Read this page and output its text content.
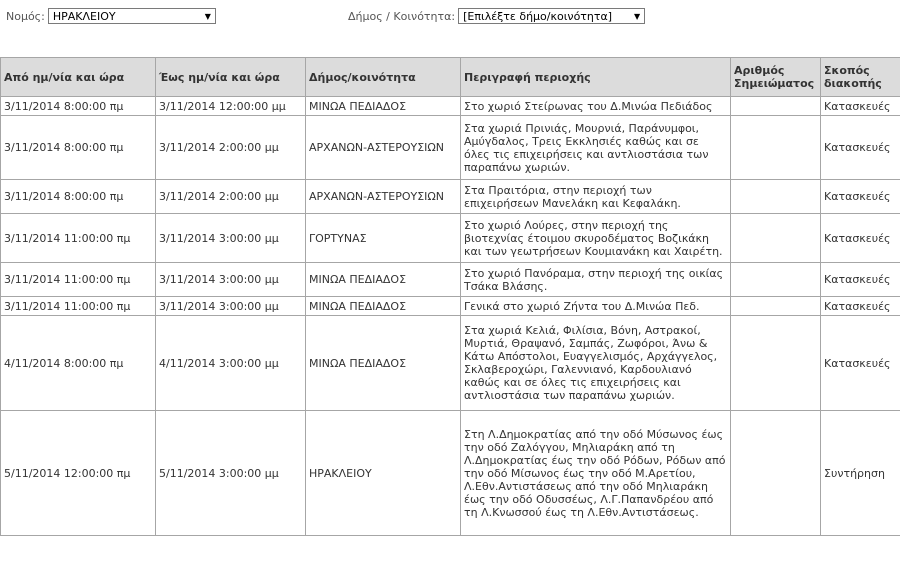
Νομός: ΗΡΑΚΛΕΙΟΥ	▼	Δήμος / Κοινότητα: [Επιλέξτε δήμο/κοινότητα]	▼
Από ημ/νία και ώρα	Έως ημ/νία και ώρα	Δήμος/κοινότητα	Περιγραφή περιοχής	Αριθμός Σημειώματος	Σκοπός διακοπής
3/11/2014 8:00:00 πμ	3/11/2014 12:00:00 μμ	ΜΙΝΩΑ ΠΕΔΙΑΔΟΣ	Στο χωριό Στείρωνας του Δ.Μινώα Πεδιάδος		Κατασκευές
3/11/2014 8:00:00 πμ	3/11/2014 2:00:00 μμ	ΑΡΧΑΝΩΝ-ΑΣΤΕΡΟΥΣΙΩΝ	Στα χωριά Πρινιάς, Μουρνιά, Παράνυμφοι, Αμύγδαλος, Τρεις Εκκλησιές καθώς και σε όλες τις επιχειρήσεις και αντλιοστάσια των παραπάνω χωριών.		Κατασκευές
3/11/2014 8:00:00 πμ	3/11/2014 2:00:00 μμ	ΑΡΧΑΝΩΝ-ΑΣΤΕΡΟΥΣΙΩΝ	Στα Πραιτόρια, στην περιοχή των επιχειρήσεων Μανελάκη και Κεφαλάκη.		Κατασκευές
3/11/2014 11:00:00 πμ	3/11/2014 3:00:00 μμ	ΓΟΡΤΥΝΑΣ	Στο χωριό Λούρες, στην περιοχή της βιοτεχνίας έτοιμου σκυροδέματος Βοζικάκη και των γεωτρήσεων Κουμιανάκη και Χαιρέτη.		Κατασκευές
3/11/2014 11:00:00 πμ	3/11/2014 3:00:00 μμ	ΜΙΝΩΑ ΠΕΔΙΑΔΟΣ	Στο χωριό Πανόραμα, στην περιοχή της οικίας Τσάκα Βλάσης.		Κατασκευές
3/11/2014 11:00:00 πμ	3/11/2014 3:00:00 μμ	ΜΙΝΩΑ ΠΕΔΙΑΔΟΣ	Γενικά στο χωριό Ζήντα του Δ.Μινώα Πεδ.		Κατασκευές
4/11/2014 8:00:00 πμ	4/11/2014 3:00:00 μμ	ΜΙΝΩΑ ΠΕΔΙΑΔΟΣ	Στα χωριά Κελιά, Φιλίσια, Βόνη, Αστρακοί, Μυρτιά, Θραψανό, Σαμπάς, Ζωφόροι, Άνω & Κάτω Απόστολοι, Ευαγγελισμός, Αρχάγγελος, Σκλαβεροχώρι, Γαλεννιανό, Καρδουλιανό καθώς και σε όλες τις επιχειρήσεις και αντλιοστάσια των παραπάνω χωριών.		Κατασκευές
5/11/2014 12:00:00 πμ	5/11/2014 3:00:00 μμ	ΗΡΑΚΛΕΙΟΥ	Στη Λ.Δημοκρατίας από την οδό Μύσωνος έως την οδό Ζαλόγγου, Μηλιαράκη από τη Λ.Δημοκρατίας έως την οδό Ρόδων, Ρόδων από την οδό Μίσωνος έως την οδό Μ.Αρετίου, Λ.Εθν.Αντιστάσεως από την οδό Μηλιαράκη έως την οδό Οδυσσέως, Λ.Γ.Παπανδρέου από τη Λ.Κνωσσού έως τη Λ.Εθν.Αντιστάσεως.		Συντήρηση
